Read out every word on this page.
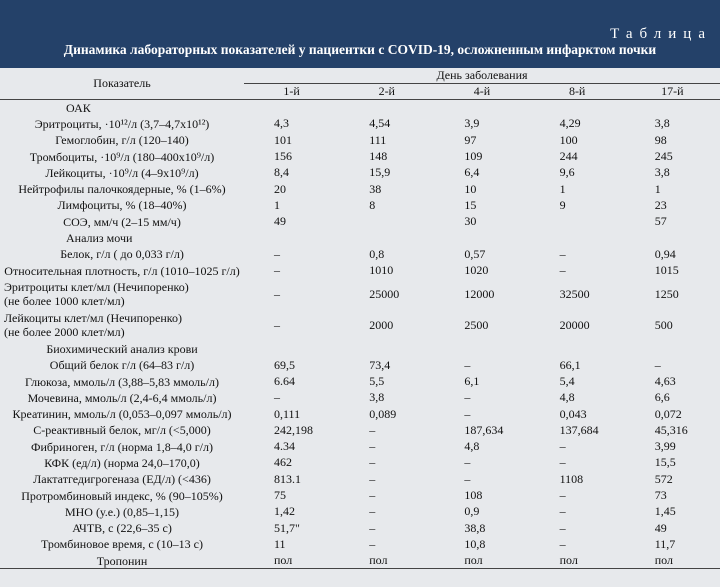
Таблица
Динамика лабораторных показателей у пациентки с COVID-19, осложненным инфарктом почки
Показатель	День заболевания				
	1-й	2-й	4-й	8-й	17-й
ОАК					
Эритроциты, ·10¹²/л (3,7–4,7х10¹²)	4,3	4,54	3,9	4,29	3,8
Гемоглобин, г/л (120–140)	101	111	97	100	98
Тромбоциты, ·10⁹/л (180–400х10⁹/л)	156	148	109	244	245
Лейкоциты, ·10⁹/л (4–9х10⁹/л)	8,4	15,9	6,4	9,6	3,8
Нейтрофилы палочкоядерные, % (1–6%)	20	38	10	1	1
Лимфоциты, % (18–40%)	1	8	15	9	23
СОЭ, мм/ч (2–15 мм/ч)	49		30		57
Анализ мочи					
Белок, г/л ( до 0,033 г/л)	–	0,8	0,57	–	0,94
Относительная плотность, г/л (1010–1025 г/л)	–	1010	1020	–	1015
Эритроциты клет/мл (Нечипоренко)
(не более 1000 клет/мл)	–	25000	12000	32500	1250
Лейкоциты клет/мл (Нечипоренко)
(не более 2000 клет/мл)	–	2000	2500	20000	500
Биохимический анализ крови					
Общий белок г/л (64–83 г/л)	69,5	73,4	–	66,1	–
Глюкоза, ммоль/л (3,88–5,83 ммоль/л)	6.64	5,5	6,1	5,4	4,63
Мочевина, ммоль/л (2,4-6,4 ммоль/л)	–	3,8	–	4,8	6,6
Креатинин, ммоль/л (0,053–0,097 ммоль/л)	0,111	0,089	–	0,043	0,072
С-реактивный белок, мг/л (<5,000)	242,198	–	187,634	137,684	45,316
Фибриноген, г/л (норма 1,8–4,0 г/л)	4.34	–	4,8	–	3,99
КФК (ед/л) (норма 24,0–170,0)	462	–	–	–	15,5
Лактатгедигрогеназа (ЕД/л) (<436)	813.1	–	–	1108	572
Протромбиновый индекс, % (90–105%)	75	–	108	–	73
МНО (у.е.) (0,85–1,15)	1,42	–	0,9	–	1,45
АЧТВ, с (22,6–35 с)	51,7"	–	38,8	–	49
Тромбиновое время, с (10–13 с)	11	–	10,8	–	11,7
Тропонин	пол	пол	пол	пол	пол
